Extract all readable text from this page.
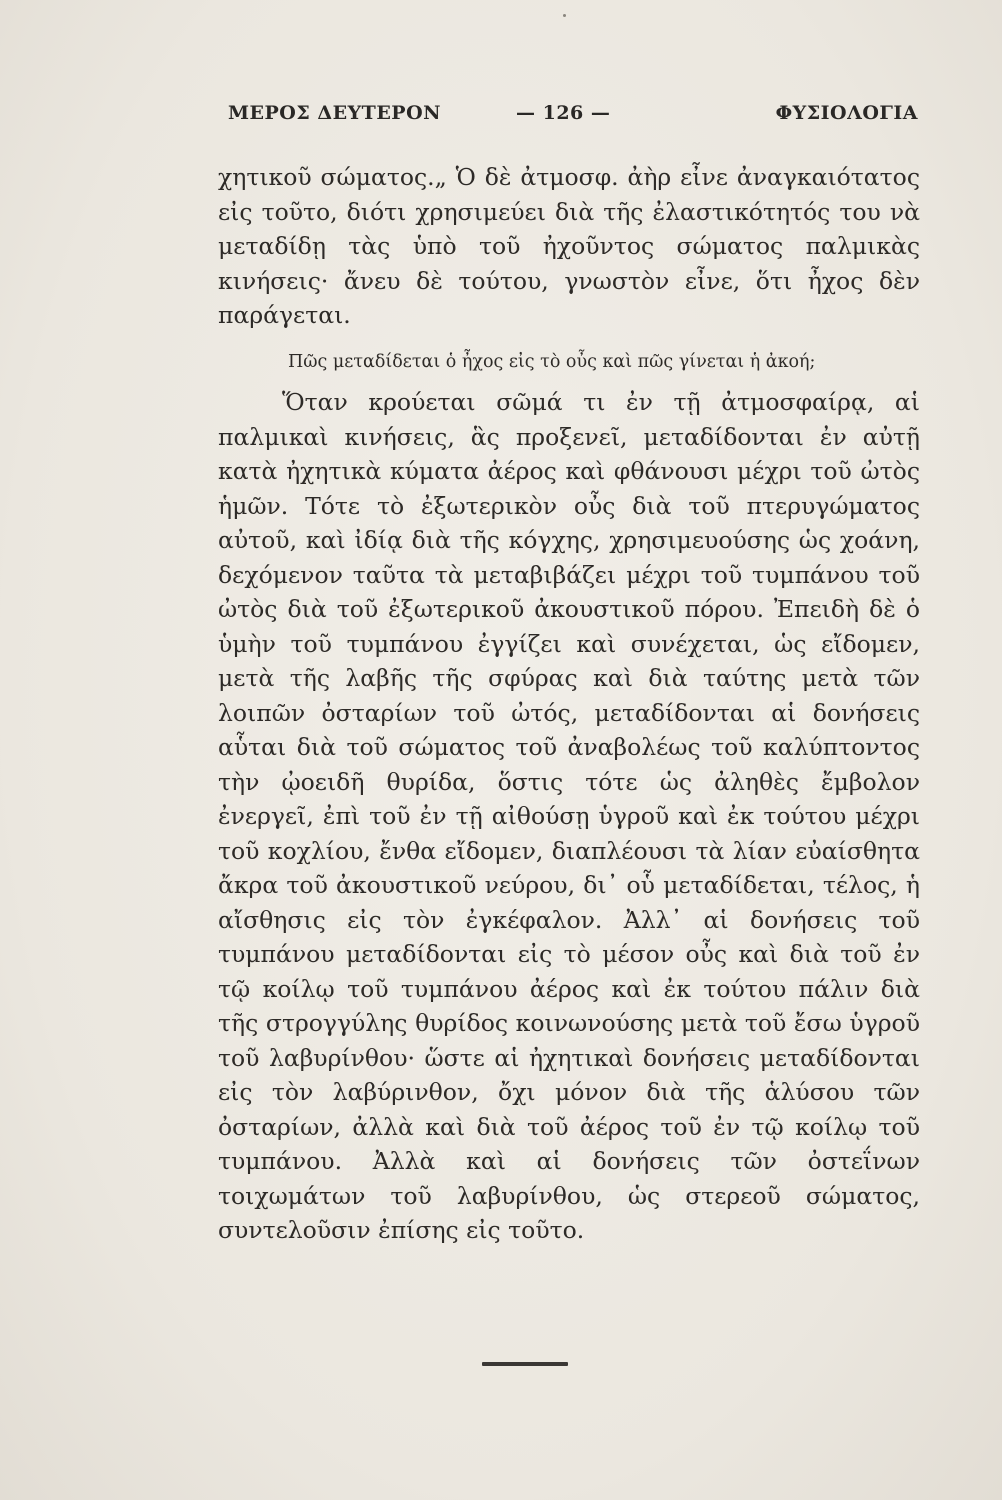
ΜΕΡΟΣ ΔΕΥΤΕΡΟΝ	— 126 —	ΦΥΣΙΟΛΟΓΙΑ
χητικοῦ σώματος.„ Ὁ δὲ ἀτμοσφ. ἀὴρ εἶνε ἀναγκαιότατος εἰς τοῦτο, διότι χρησιμεύει διὰ τῆς ἐλαστικότητός του νὰ μεταδίδῃ τὰς ὑπὸ τοῦ ἠχοῦντος σώματος παλμικὰς κινήσεις· ἄνευ δὲ τούτου, γνωστὸν εἶνε, ὅτι ἦχος δὲν παράγεται.
Πῶς μεταδίδεται ὁ ἦχος εἰς τὸ οὖς καὶ πῶς γίνεται ἡ ἀκοή;
Ὅταν κρούεται σῶμά τι ἐν τῇ ἀτμοσφαίρᾳ, αἱ παλμικαὶ κινήσεις, ἃς προξενεῖ, μεταδίδονται ἐν αὐτῇ κατὰ ἠχητικὰ κύματα ἀέρος καὶ φθάνουσι μέχρι τοῦ ὠτὸς ἡμῶν. Τότε τὸ ἐξωτερικὸν οὖς διὰ τοῦ πτερυγώματος αὐτοῦ, καὶ ἰδίᾳ διὰ τῆς κόγχης, χρησιμευούσης ὡς χοάνη, δεχόμενον ταῦτα τὰ μεταβιβάζει μέχρι τοῦ τυμπάνου τοῦ ὠτὸς διὰ τοῦ ἐξωτερικοῦ ἀκουστικοῦ πόρου. Ἐπειδὴ δὲ ὁ ὑμὴν τοῦ τυμπάνου ἐγγίζει καὶ συνέχεται, ὡς εἴδομεν, μετὰ τῆς λαβῆς τῆς σφύρας καὶ διὰ ταύτης μετὰ τῶν λοιπῶν ὀσταρίων τοῦ ὠτός, μεταδίδονται αἱ δονήσεις αὗται διὰ τοῦ σώματος τοῦ ἀναβολέως τοῦ καλύπτοντος τὴν ᾠοειδῆ θυρίδα, ὅστις τότε ὡς ἀληθὲς ἔμβολον ἐνεργεῖ, ἐπὶ τοῦ ἐν τῇ αἰθούσῃ ὑγροῦ καὶ ἐκ τούτου μέχρι τοῦ κοχλίου, ἔνθα εἴδομεν, διαπλέουσι τὰ λίαν εὐαίσθητα ἄκρα τοῦ ἀκουστικοῦ νεύρου, δι᾽ οὗ μεταδίδεται, τέλος, ἡ αἴσθησις εἰς τὸν ἐγκέφαλον. Ἀλλ᾽ αἱ δονήσεις τοῦ τυμπάνου μεταδίδονται εἰς τὸ μέσον οὖς καὶ διὰ τοῦ ἐν τῷ κοίλῳ τοῦ τυμπάνου ἀέρος καὶ ἐκ τούτου πάλιν διὰ τῆς στρογγύλης θυρίδος κοινωνούσης μετὰ τοῦ ἔσω ὑγροῦ τοῦ λαβυρίνθου· ὥστε αἱ ἠχητικαὶ δονήσεις μεταδίδονται εἰς τὸν λαβύρινθον, ὄχι μόνον διὰ τῆς ἁλύσου τῶν ὀσταρίων, ἀλλὰ καὶ διὰ τοῦ ἀέρος τοῦ ἐν τῷ κοίλῳ τοῦ τυμπάνου. Ἀλλὰ καὶ αἱ δονήσεις τῶν ὀστεΐνων τοιχωμάτων τοῦ λαβυρίνθου, ὡς στερεοῦ σώματος, συντελοῦσιν ἐπίσης εἰς τοῦτο.
